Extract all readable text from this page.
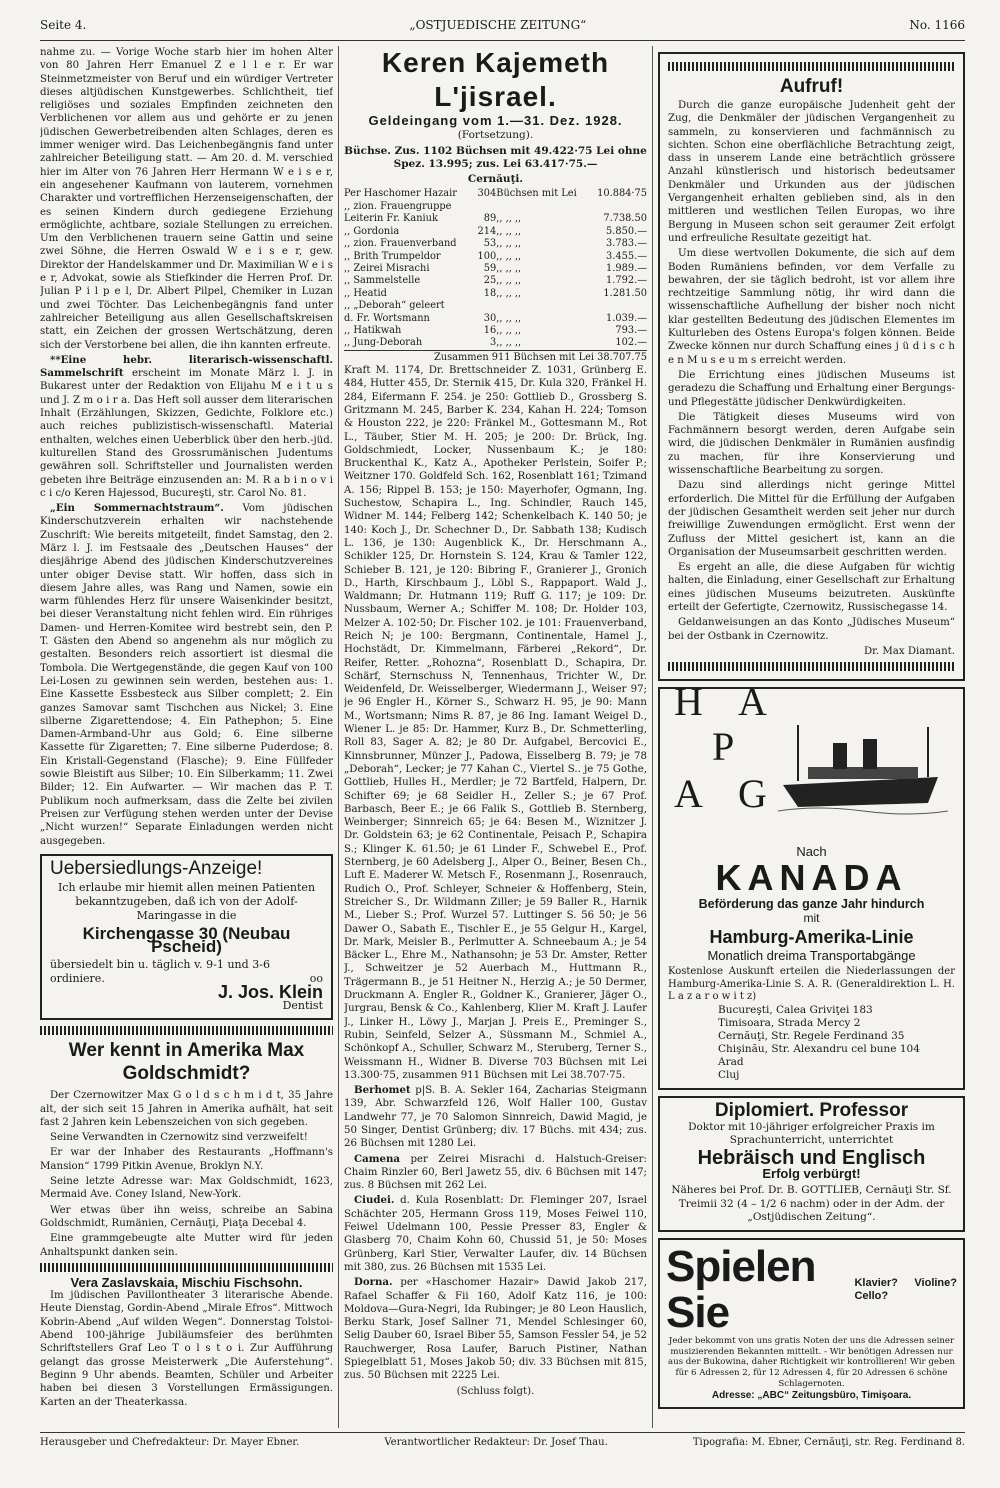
Seite 4.	„OSTJUEDISCHE ZEITUNG“	No. 1166

nahme zu. — Vorige Woche starb hier im hohen Alter von 80 Jahren Herr Emanuel Z e l l e r. Er war Steinmetzmeister von Beruf und ein würdiger Vertreter dieses altjüdischen Kunstgewerbes. Schlichtheit, tief religiöses und soziales Empfinden zeichneten den Verblichenen vor allem aus und gehörte er zu jenen jüdischen Gewerbetreibenden alten Schlages, deren es immer weniger wird. Das Leichenbegängnis fand unter zahlreicher Beteiligung statt. — Am 20. d. M. verschied hier im Alter von 76 Jahren Herr Hermann W e i s e r, ein angesehener Kaufmann von lauterem, vornehmen Charakter und vortrefflichen Herzenseigenschaften, der es seinen Kindern durch gediegene Erziehung ermöglichte, achtbare, soziale Stellungen zu erreichen. Um den Verblichenen trauern seine Gattin und seine zwei Söhne, die Herren Oswald W e i s e r, gew. Direktor der Handelskammer und Dr. Maximilian W e i s e r, Advokat, sowie als Stiefkinder die Herren Prof. Dr. Julian P i l p e l, Dr. Albert Pilpel, Chemiker in Luzan und zwei Töchter. Das Leichenbegängnis fand unter zahlreicher Beteiligung aus allen Gesellschaftskreisen statt, ein Zeichen der grossen Wertschätzung, deren sich der Verstorbene bei allen, die ihn kannten erfreute.

**Eine hebr. literarisch-wissenschaftl. Sammelschrift erscheint im Monate März l. J. in Bukarest unter der Redaktion von Elijahu M e i t u s und J. Z m o i r a. Das Heft soll ausser dem literarischen Inhalt (Erzählungen, Skizzen, Gedichte, Folklore etc.) auch reiches publizistisch-wissenschaftl. Material enthalten, welches einen Ueberblick über den herb.-jüd. kulturellen Stand des Grossrumänischen Judentums gewähren soll. Schriftsteller und Journalisten werden gebeten ihre Beiträge einzusenden an: M. R a b i n o v i c i c/o Keren Hajessod, Bucureşti, str. Carol No. 81.

„Ein Sommernachtstraum“. Vom jüdischen Kinderschutzverein erhalten wir nachstehende Zuschrift: Wie bereits mitgeteilt, findet Samstag, den 2. März l. J. im Festsaale des „Deutschen Hauses“ der diesjährige Abend des jüdischen Kinderschutzvereines unter obiger Devise statt. Wir hoffen, dass sich in diesem Jahre alles, was Rang und Namen, sowie ein warm fühlendes Herz für unsere Waisenkinder besitzt, bei dieser Veranstaltung nicht fehlen wird. Ein rühriges Damen- und Herren-Komitee wird bestrebt sein, den P. T. Gästen den Abend so angenehm als nur möglich zu gestalten. Besonders reich assortiert ist diesmal die Tombola. Die Wertgegenstände, die gegen Kauf von 100 Lei-Losen zu gewinnen sein werden, bestehen aus: 1. Eine Kassette Essbesteck aus Silber complett; 2. Ein ganzes Samovar samt Tischchen aus Nickel; 3. Eine silberne Zigarettendose; 4. Ein Pathephon; 5. Eine Damen-Armband-Uhr aus Gold; 6. Eine silberne Kassette für Zigaretten; 7. Eine silberne Puderdose; 8. Ein Kristall-Gegenstand (Flasche); 9. Eine Füllfeder sowie Bleistift aus Silber; 10. Ein Silberkamm; 11. Zwei Bilder; 12. Ein Aufwarter. — Wir machen das P. T. Publikum noch aufmerksam, dass die Zelte bei zivilen Preisen zur Verfügung stehen werden unter der Devise „Nicht wurzen!“ Separate Einladungen werden nicht ausgegeben.

Uebersiedlungs-Anzeige!
Ich erlaube mir hiemit allen meinen Patienten bekanntzugeben, daß ich von der Adolf-Maringasse in die
Kirchengasse 30 (Neubau Pscheid)
übersiedelt bin u. täglich v. 9-1 und 3-6 ordiniere.	oo
J. Jos. Klein
Dentist
Wer kennt in Amerika Max Goldschmidt?

Der Czernowitzer Max G o l d s c h m i d t, 35 Jahre alt, der sich seit 15 Jahren in Amerika aufhält, hat seit fast 2 Jahren kein Lebenszeichen von sich gegeben.

Seine Verwandten in Czernowitz sind verzweifelt!

Er war der Inhaber des Restaurants „Hoffmann's Mansion“ 1799 Pitkin Avenue, Broklyn N.Y.

Seine letzte Adresse war: Max Goldschmidt, 1623, Mermaid Ave. Coney Island, New-York.

Wer etwas über ihn weiss, schreibe an Sabina Goldschmidt, Rumänien, Cernăuţi, Piaţa Decebal 4.

Eine grammgebeugte alte Mutter wird für jeden Anhaltspunkt danken sein.

Vera Zaslavskaia, Mischiu Fischsohn.

Im jüdischen Pavillontheater 3 literarische Abende. Heute Dienstag, Gordin-Abend „Mirale Efros“. Mittwoch Kobrin-Abend „Auf wilden Wegen“. Donnerstag Tolstoi-Abend 100-jährige Jubiläumsfeier des berühmten Schriftstellers Graf Leo T o l s t o i. Zur Aufführung gelangt das grosse Meisterwerk „Die Auferstehung“. Beginn 9 Uhr abends. Beamten, Schüler und Arbeiter haben bei diesen 3 Vorstellungen Ermässigungen. Karten an der Theaterkassa.

Keren Kajemeth L'jisrael.
Geldeingang vom 1.—31. Dez. 1928.
(Fortsetzung).
Büchse. Zus. 1102 Büchsen mit 49.422·75 Lei ohne Spez. 13.995; zus. Lei 63.417·75.—
Cernăuţi.
Per Haschomer Hazair	304	Büchsen mit Lei	10.884·75
,, zion. Frauengruppe			
Leiterin Fr. Kaniuk	89	,, ,, ,,	7.738.50
,, Gordonia	214	,, ,, ,,	5.850.—
,, zion. Frauenverband	53	,, ,, ,,	3.783.—
,, Brith Trumpeldor	100	,, ,, ,,	3.455.—
,, Zeirei Misrachi	59	,, ,, ,,	1.989.—
,, Sammelstelle	25	,, ,, ,,	1.792.—
,, Heatid	18	,, ,, ,,	1.281.50
,, „Deborah“ geleert			
d. Fr. Wortsmann	30	,, ,, ,,	1.039.—
,, Hatikwah	16	,, ,, ,,	793.—
,, Jung-Deborah	3	,, ,, ,,	102.—
Zusammen 911 Büchsen mit Lei 38.707.75

Kraft M. 1174, Dr. Brettschneider Z. 1031, Grünberg E. 484, Hutter 455, Dr. Sternik 415, Dr. Kula 320, Fränkel H. 284, Eifermann F. 254. je 250: Gottlieb D., Grossberg S. Gritzmann M. 245, Barber K. 234, Kahan H. 224; Tomson & Houston 222, je 220: Fränkel M., Gottesmann M., Rot L., Täuber, Stier M. H. 205; je 200: Dr. Brück, Ing. Goldschmiedt, Locker, Nussenbaum K.; je 180: Bruckenthal K., Katz A., Apotheker Perlstein, Soifer P.; Weitzner 170. Goldfeld Sch. 162, Rosenblatt 161; Tzimand A. 156; Rippel B. 153; je 150: Mayerhofer, Ogmann, Ing. Suchestow, Schapira L., Ing. Schindler, Rauch 145, Widner M. 144; Felberg 142; Schenkelbach K. 140 50; je 140: Koch J., Dr. Schechner D., Dr. Sabbath 138; Kudisch L. 136, je 130: Augenblick K., Dr. Herschmann A., Schikler 125, Dr. Hornstein S. 124, Krau & Tamler 122, Schieber B. 121, je 120: Bibring F., Granierer J., Gronich D., Harth, Kirschbaum J., Löbl S., Rappaport. Wald J., Waldmann; Dr. Hutmann 119; Ruff G. 117; je 109: Dr. Nussbaum, Werner A.; Schiffer M. 108; Dr. Holder 103, Melzer A. 102·50; Dr. Fischer 102. je 101: Frauenverband, Reich N; je 100: Bergmann, Continentale, Hamel J., Hochstädt, Dr. Kimmelmann, Färberei „Rekord“, Dr. Reifer, Retter. „Rohozna“, Rosenblatt D., Schapira, Dr. Schärf, Sternschuss N, Tennenhaus, Trichter W., Dr. Weidenfeld, Dr. Weisselberger, Wiedermann J., Weiser 97; je 96 Engler H., Körner S., Schwarz H. 95, je 90: Mann M., Wortsmann; Nims R. 87, je 86 Ing. Iamant Weigel D., Wiener L. je 85: Dr. Hammer, Kurz B., Dr. Schmetterling, Roll 83, Sager A. 82; je 80 Dr. Aufgabel, Bercovici E., Kinnsbrunner, Münzer J., Padowa, Eisselberg B. 79; je 78 „Deborah“, Lecker; je 77 Kahan C., Viertel S.. je 75 Gothe, Gottlieb, Hulles H., Merdler; je 72 Bartfeld, Halpern, Dr. Schifter 69; je 68 Seidler H., Zeller S.; je 67 Prof. Barbasch, Beer E.; je 66 Falik S., Gottlieb B. Sternberg, Weinberger; Sinnreich 65; je 64: Besen M., Wiznitzer J. Dr. Goldstein 63; je 62 Continentale, Peisach P., Schapira S.; Klinger K. 61.50; je 61 Linder F., Schwebel E., Prof. Sternberg, je 60 Adelsberg J., Alper O., Beiner, Besen Ch., Luft E. Maderer W. Metsch F., Rosenmann J., Rosenrauch, Rudich O., Prof. Schleyer, Schneier & Hoffenberg, Stein, Streicher S., Dr. Wildmann Ziller; je 59 Baller R., Harnik M., Lieber S.; Prof. Wurzel 57. Luttinger S. 56 50; je 56 Dawer O., Sabath E., Tischler E., je 55 Gelgur H., Kargel, Dr. Mark, Meisler B., Perlmutter A. Schneebaum A.; je 54 Bäcker L., Ehre M., Nathansohn; je 53 Dr. Amster, Retter J., Schweitzer je 52 Auerbach M., Huttmann R., Trägermann B., je 51 Heitner N., Herzig A.; je 50 Dermer, Druckmann A. Engler R., Goldner K., Granierer, Jäger O., Jurgrau, Bensk & Co., Kahlenberg, Klier M. Kraft J. Laufer J., Linker H., Löwy J., Marjan J. Preis E., Preminger S., Rubin, Seinfeld, Selzer A., Süssmann M., Schmiel A., Schönkopf A., Schuller, Schwarz M., Steruberg, Terner S., Weissmann H., Widner B. Diverse 703 Büchsen mit Lei 13.300·75, zusammen 911 Büchsen mit Lei 38.707·75.

Berhomet p|S. B. A. Sekler 164, Zacharias Steigmann 139, Abr. Schwarzfeld 126, Wolf Haller 100, Gustav Landwehr 77, je 70 Salomon Sinnreich, Dawid Magid, je 50 Singer, Dentist Grünberg; div. 17 Büchs. mit 434; zus. 26 Büchsen mit 1280 Lei.

Camena per Zeirei Misrachi d. Halstuch-Greiser: Chaim Rinzler 60, Berl Jawetz 55, div. 6 Büchsen mit 147; zus. 8 Büchsen mit 262 Lei.

Ciudei. d. Kula Rosenblatt: Dr. Fleminger 207, Israel Schächter 205, Hermann Gross 119, Moses Feiwel 110, Feiwel Udelmann 100, Pessie Presser 83, Engler & Glasberg 70, Chaim Kohn 60, Chussid 51, je 50: Moses Grünberg, Karl Stier, Verwalter Laufer, div. 14 Büchsen mit 380, zus. 26 Büchsen mit 1535 Lei.

Dorna. per «Haschomer Hazair» Dawid Jakob 217, Rafael Schaffer & Fii 160, Adolf Katz 116, je 100: Moldova—Gura-Negri, Ida Rubinger; je 80 Leon Hauslich, Berku Stark, Josef Sallner 71, Mendel Schlesinger 60, Selig Dauber 60, Israel Biber 55, Samson Fessler 54, je 52 Rauchwerger, Rosa Laufer, Baruch Pistiner, Nathan Spiegelblatt 51, Moses Jakob 50; div. 33 Büchsen mit 815, zus. 50 Büchsen mit 2225 Lei.

(Schluss folgt).
Aufruf!

Durch die ganze europäische Judenheit geht der Zug, die Denkmäler der jüdischen Vergangenheit zu sammeln, zu konservieren und fachmännisch zu sichten. Schon eine oberflächliche Betrachtung zeigt, dass in unserem Lande eine beträchtlich grössere Anzahl künstlerisch und historisch bedeutsamer Denkmäler und Urkunden aus der jüdischen Vergangenheit erhalten geblieben sind, als in den mittleren und westlichen Teilen Europas, wo ihre Bergung in Museen schon seit geraumer Zeit erfolgt und erfreuliche Resultate gezeitigt hat.

Um diese wertvollen Dokumente, die sich auf dem Boden Rumäniens befinden, vor dem Verfalle zu bewahren, der sie täglich bedroht, ist vor allem ihre rechtzeitige Sammlung nötig, ihr wird dann die wissenschaftliche Aufhellung der bisher noch nicht klar gestellten Bedeutung des jüdischen Elementes im Kulturleben des Ostens Europa's folgen können. Beide Zwecke können nur durch Schaffung eines j ü d i s c h e n M u s e u m s erreicht werden.

Die Errichtung eines jüdischen Museums ist geradezu die Schaffung und Erhaltung einer Bergungs- und Pflegestätte jüdischer Denkwürdigkeiten.

Die Tätigkeit dieses Museums wird von Fachmännern besorgt werden, deren Aufgabe sein wird, die jüdischen Denkmäler in Rumänien ausfindig zu machen, für ihre Konservierung und wissenschaftliche Bearbeitung zu sorgen.

Dazu sind allerdings nicht geringe Mittel erforderlich. Die Mittel für die Erfüllung der Aufgaben der jüdischen Gesamtheit werden seit jeher nur durch freiwillige Zuwendungen ermöglicht. Erst wenn der Zufluss der Mittel gesichert ist, kann an die Organisation der Museumsarbeit geschritten werden.

Es ergeht an alle, die diese Aufgaben für wichtig halten, die Einladung, einer Gesellschaft zur Erhaltung eines jüdischen Museums beizutreten. Auskünfte erteilt der Gefertigte, Czernowitz, Russischegasse 14.

Geldanweisungen an das Konto „Jüdisches Museum“ bei der Ostbank in Czernowitz.

Dr. Max Diamant.
H A
P
A G
Nach
KANADA
Beförderung das ganze Jahr hindurch
mit
Hamburg-Amerika-Linie
Monatlich dreima Transportabgänge
Kostenlose Auskunft erteilen die Niederlassungen der Hamburg-Amerika-Linie S. A. R. (Generaldirektion L. H. L a z a r o w i t z)
Bucureşti, Calea Griviţei 183
Timisoara, Strada Mercy 2
Cernăuţi, Str. Regele Ferdinand 35
Chişinău, Str. Alexandru cel bune 104
Arad
Cluj
Diplomiert. Professor
Doktor mit 10-jähriger erfolgreicher Praxis im Sprachunterricht, unterrichtet
Hebräisch und Englisch
Erfolg verbürgt!
Näheres bei Prof. Dr. B. GOTTLIEB, Cernăuţi Str. Sf. Treimii 32 (4 – 1/2 6 nachm) oder in der Adm. der „Ostjüdischen Zeitung“.
Spielen Sie
Klavier? Violine? Cello?
Jeder bekommt von uns gratis Noten der uns die Adressen seiner musizierenden Bekannten mitteilt. - Wir benötigen Adressen nur aus der Bukowina, daher Richtigkeit wir kontrollieren! Wir geben für 6 Adressen 2, für 12 Adressen 4, für 20 Adressen 6 schöne Schlagernoten.
Adresse: „ABC“ Zeitungsbüro, Timişoara.
Herausgeber und Chefredakteur: Dr. Mayer Ebner.	Verantwortlicher Redakteur: Dr. Josef Thau.	Tipografia: M. Ebner, Cernăuţi, str. Reg. Ferdinand 8.
